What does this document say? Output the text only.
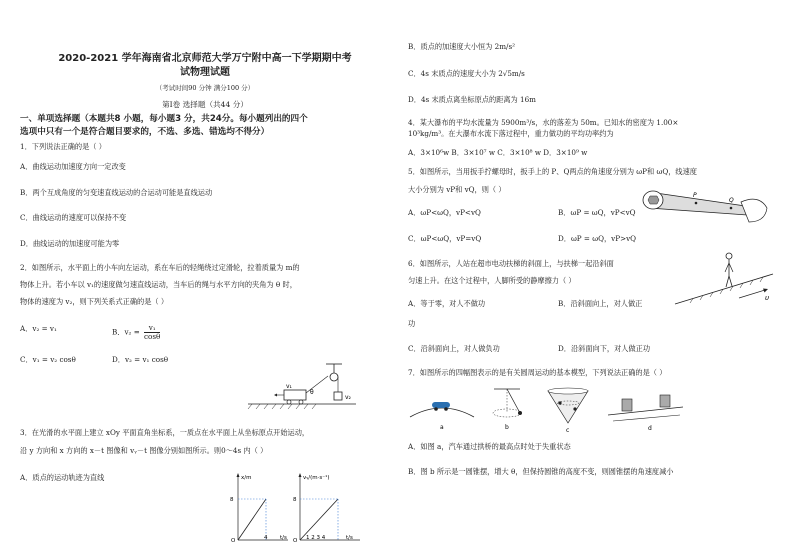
2020-2021 学年海南省北京师范大学万宁附中高一下学期期中考
试物理试题
（考试时间90 分钟 满分100 分）
第Ⅰ卷 选择题（共44 分）
一、单项选择题（本题共8 小题，每小题3 分，共24分。每小题列出的四个
选项中只有一个是符合题目要求的，不选、多选、错选均不得分）
1．下列说法正确的是（ ）
A．曲线运动加速度方向一定改变
B．两个互成角度的匀变速直线运动的合运动可能是直线运动
C．曲线运动的速度可以保持不变
D．曲线运动的加速度可能为零
2．如图所示，水平面上的小车向左运动，系在车后的轻绳绕过定滑轮，拉着质量为 m的
物体上升。若小车以 v₁的速度做匀速直线运动，当车后的绳与水平方向的夹角为 θ 时，
物体的速度为 v₂，则下列关系式正确的是（ ）
A．v₂ = v₁	B．$v_2 = \frac{\text{v₁}}{\cos\theta}$
C．v₁ = v₂ cosθ	D．v₂ = v₁ cosθ
v₁
θ
v₂
3．在光滑的水平面上建立 xOy 平面直角坐标系，一质点在水平面上从坐标原点开始运动，
沿 y 方向和 x 方向的 x－t 图像和 vᵧ－t 图像分别如图所示。则0～4s 内（ ）
A．质点的运动轨迹为直线	x/m
8
4 t/s
O
vᵧ/(m·s⁻¹)
8
1 2 3 4	t/s
O
B．质点的加速度大小恒为 2m/s²
C．4s 末质点的速度大小为 2√5m/s
D．4s 末质点离坐标原点的距离为 16m
4．某大瀑布的平均水流量为 5900m³/s，水的落差为 50m。已知水的密度为 1.00×
10³kg/m³。在大瀑布水流下落过程中，重力做功的平均功率约为
A．3×10⁶w B．3×10⁷ w C．3×10⁸ w D．3×10⁹ w
5．如图所示，当用扳手拧螺母时，扳手上的 P、Q两点的角速度分别为 ωP和 ωQ，线速度
大小分别为 vP和 vQ，则（ ）
A．ωP<ωQ，vP<vQ	B．ωP = ωQ，vP<vQ
C．ωP<ωQ，vP=vQ	D．ωP = ωQ，vP>vQ
P
Q
6．如图所示，人站在超市电动扶梯的斜面上，与扶梯一起沿斜面
匀速上升。在这个过程中，人脚所受的静摩擦力（ ）
A．等于零，对人不做功	B．沿斜面向上，对人做正
功
C．沿斜面向上，对人做负功	D．沿斜面向下，对人做正功
υ
7．如图所示的四幅图表示的是有关圆周运动的基本模型，下列说法正确的是（ ）
a	b	c	d
A．如图 a，汽车通过拱桥的最高点时处于失重状态
B．图 b 所示是一圆锥摆，增大 θ，但保持圆锥的高度不变，则圆锥摆的角速度减小
